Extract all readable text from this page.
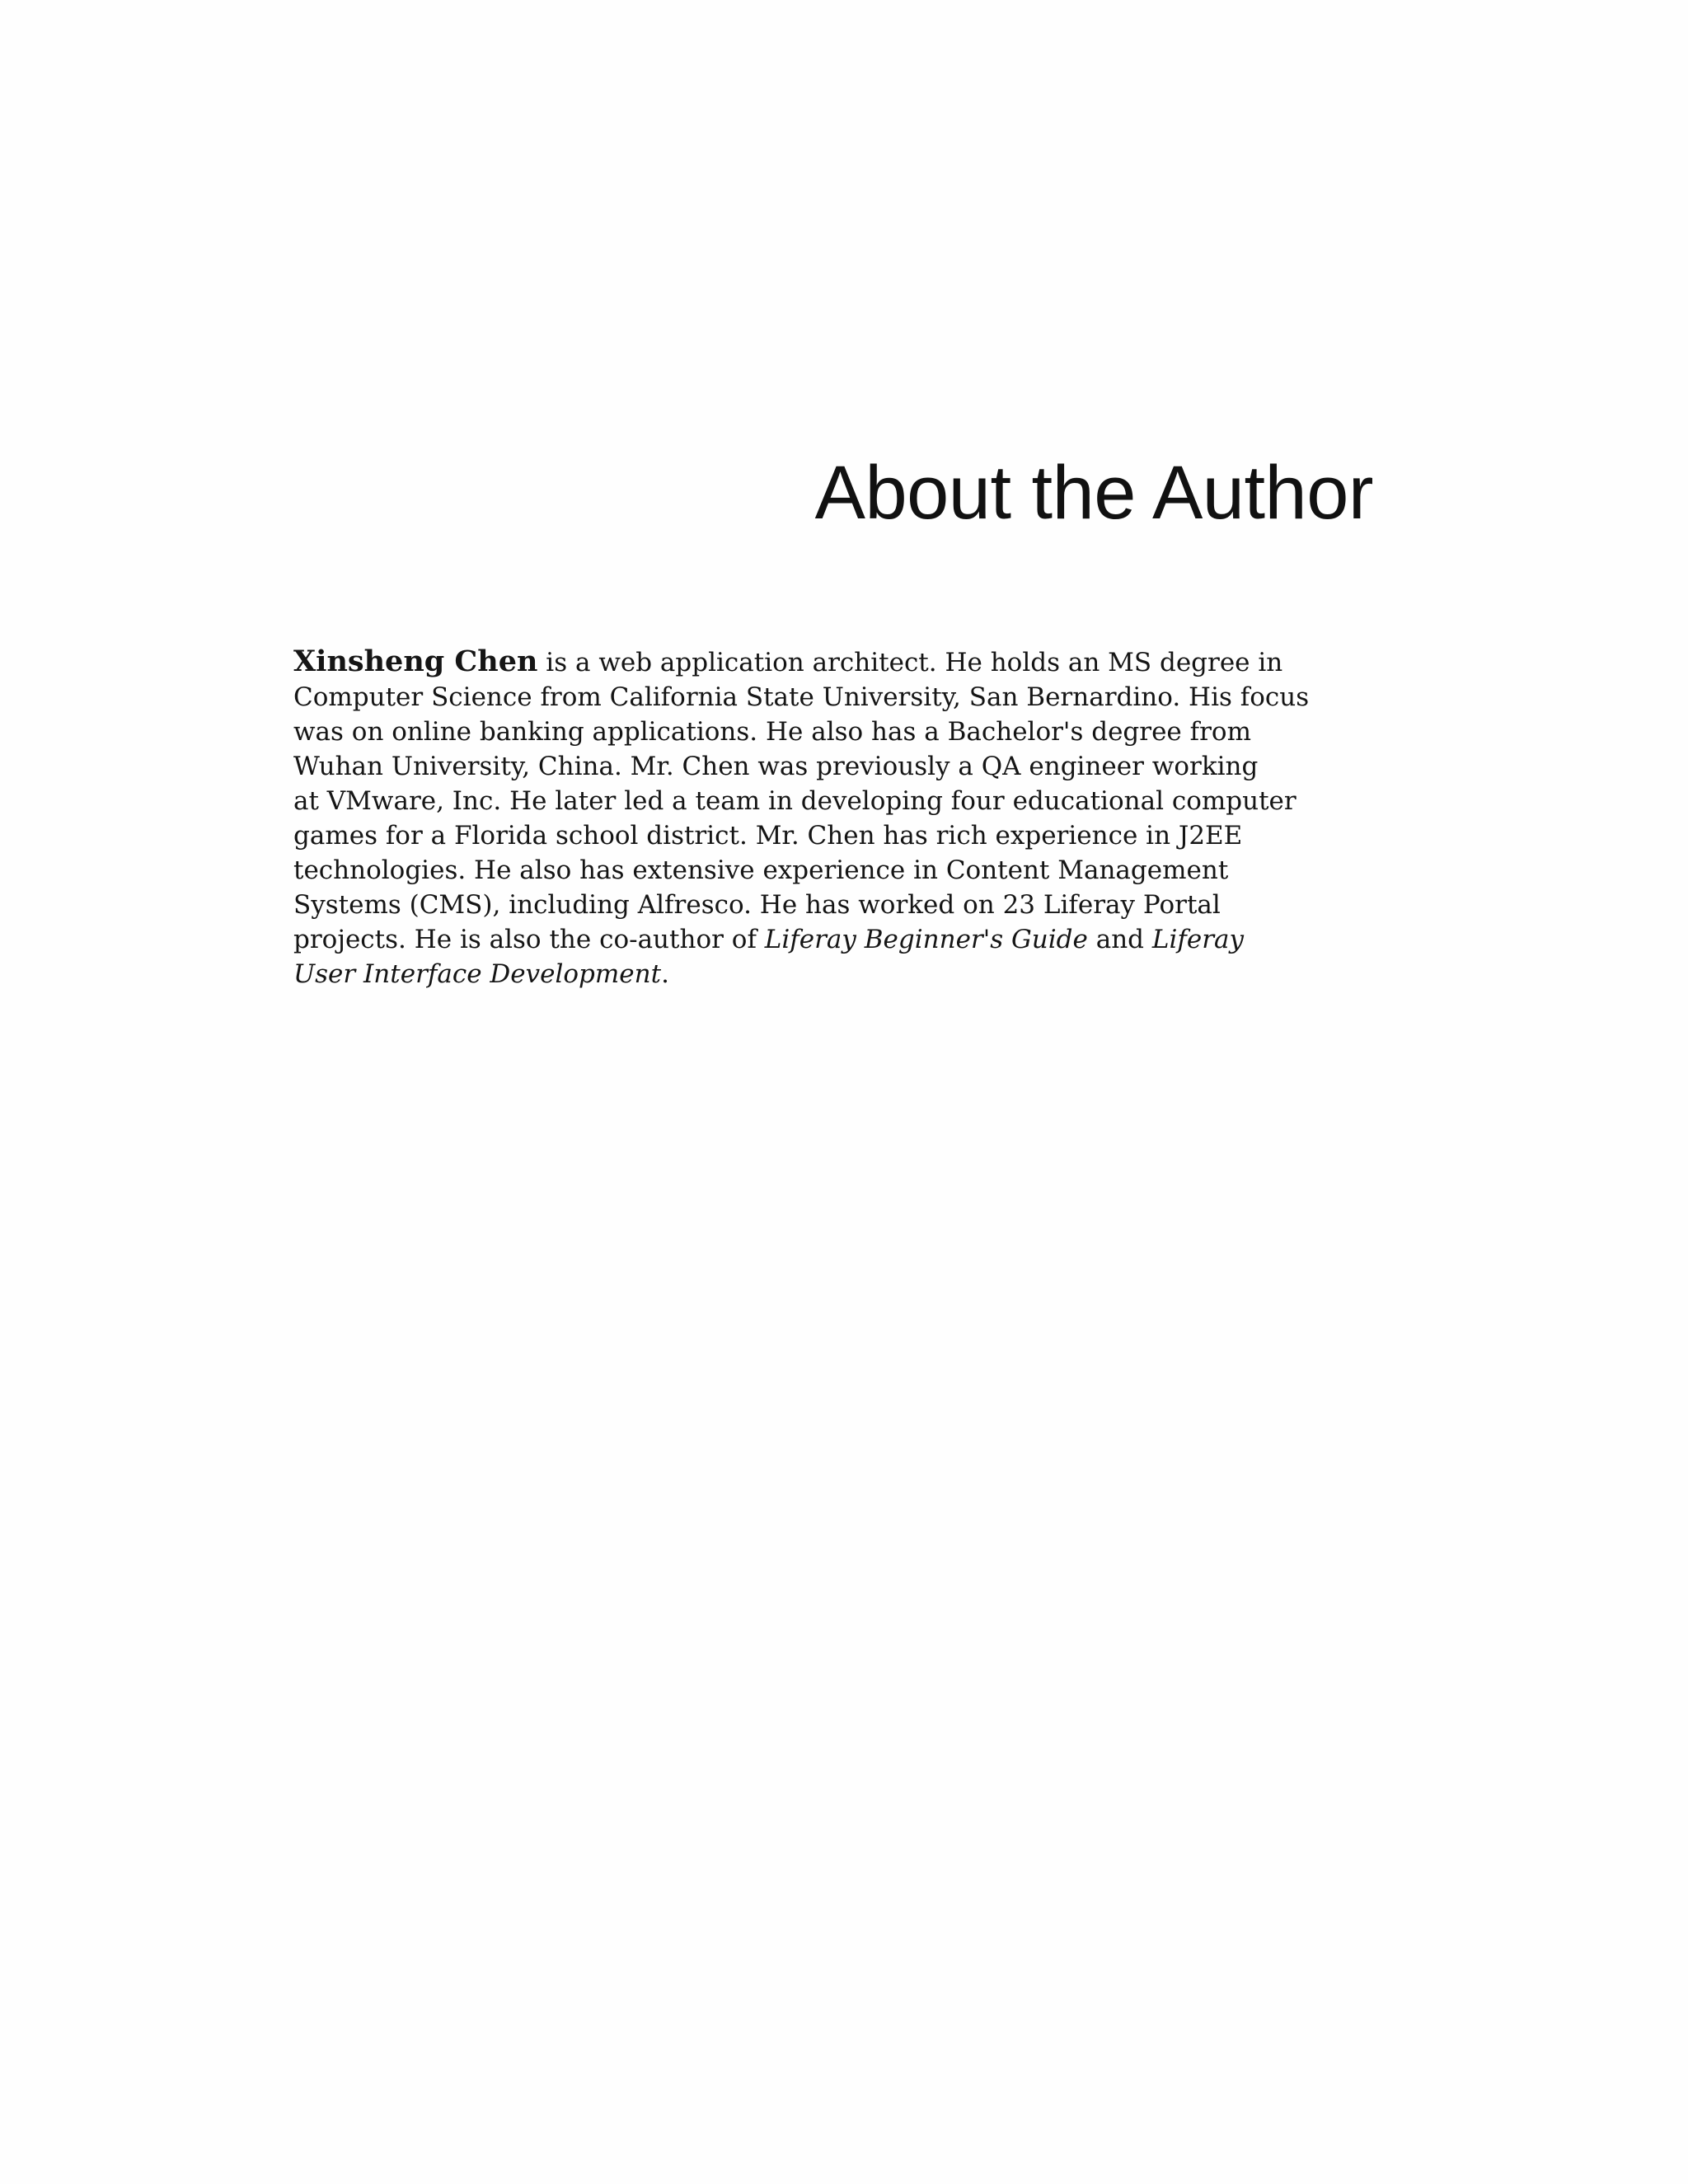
About the Author

Xinsheng Chen is a web application architect. He holds an MS degree in
Computer Science from California State University, San Bernardino. His focus
was on online banking applications. He also has a Bachelor's degree from
Wuhan University, China. Mr. Chen was previously a QA engineer working
at VMware, Inc. He later led a team in developing four educational computer
games for a Florida school district. Mr. Chen has rich experience in J2EE
technologies. He also has extensive experience in Content Management
Systems (CMS), including Alfresco. He has worked on 23 Liferay Portal
projects. He is also the co-author of Liferay Beginner's Guide and Liferay
User Interface Development.
